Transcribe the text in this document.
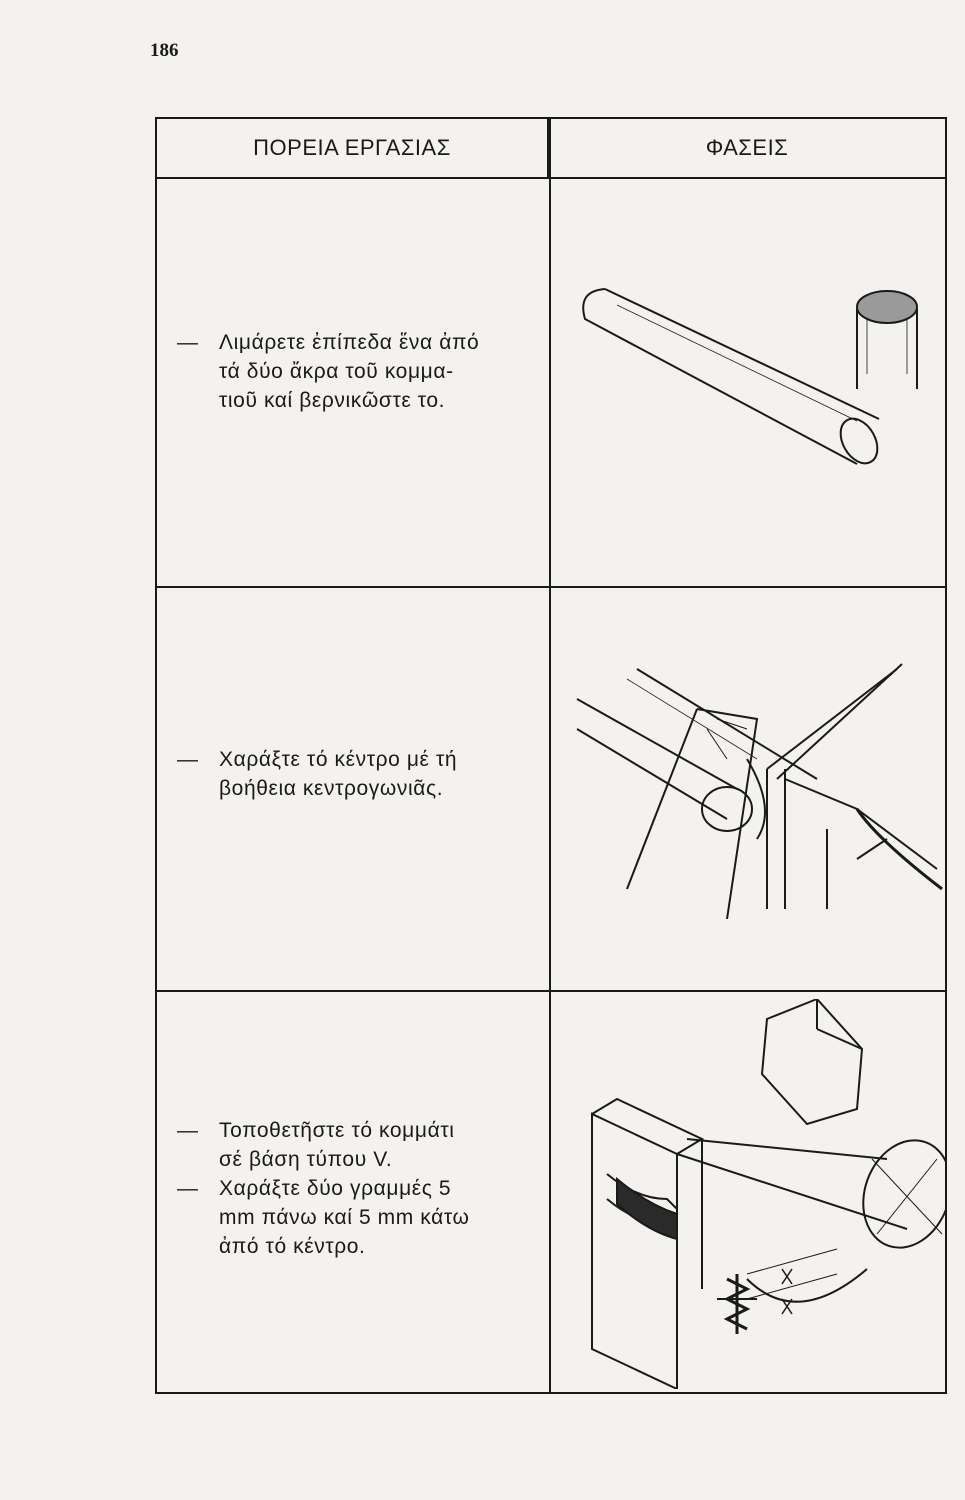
186
ΠΟΡΕΙΑ ΕΡΓΑΣΙΑΣ	ΦΑΣΕΙΣ
— Λιμάρετε ἐπίπεδα ἕνα ἀπό
τά δύο ἄκρα τοῦ κομμα-
τιοῦ καί βερνικῶστε το.
— Χαράξτε τό κέντρο μέ τή
βοήθεια κεντρογωνιᾶς.
— Τοποθετῆστε τό κομμάτι
σέ βάση τύπου V.
— Χαράξτε δύο γραμμές 5
mm πάνω καί 5 mm κάτω
ἀπό τό κέντρο.
